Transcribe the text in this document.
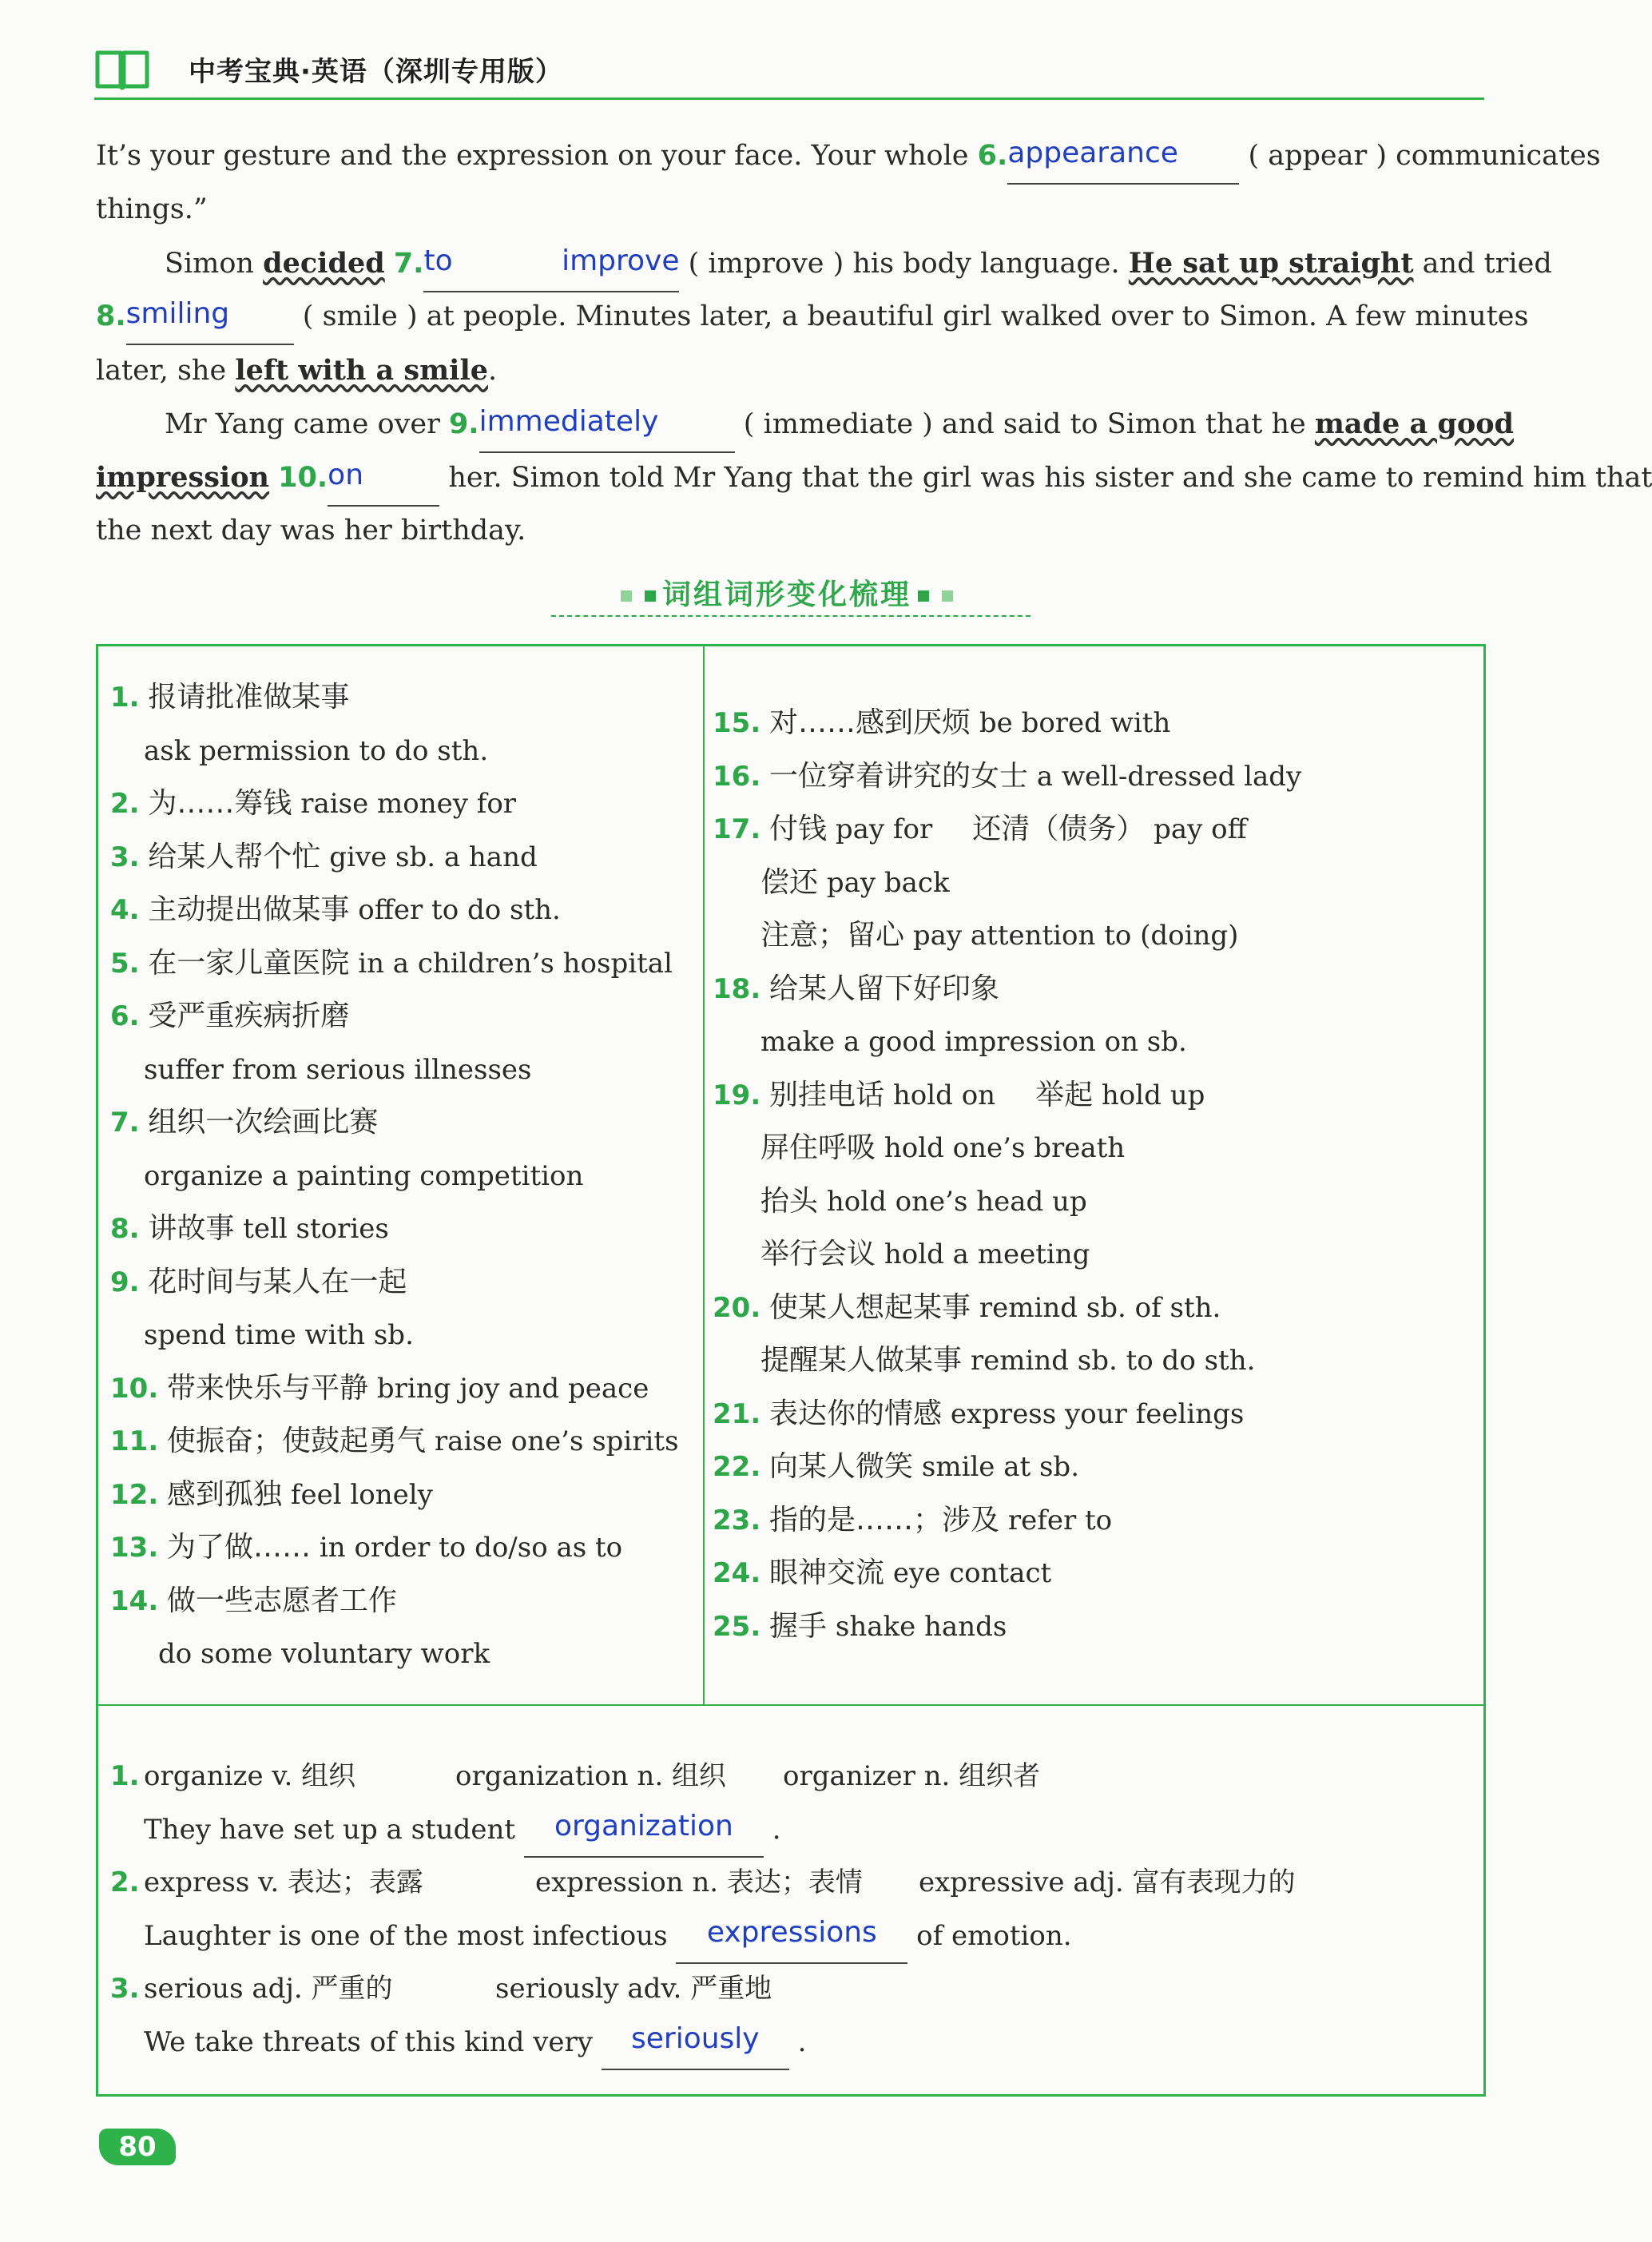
中考宝典·英语（深圳专用版）
It’s your gesture and the expression on your face. Your whole 6. appearance	( appear ) communicates
things.”
Simon decided 7. to improve ( improve ) his body language. He sat up straight and tried
8. smiling	( smile ) at people. Minutes later, a beautiful girl walked over to Simon. A few minutes
later, she left with a smile.
Mr Yang came over 9. immediately	( immediate ) and said to Simon that he made a good
impression 10. on	her. Simon told Mr Yang that the girl was his sister and she came to remind him that
the next day was her birthday.
词组词形变化梳理
1. 报请批准做某事
ask permission to do sth.
2. 为……筹钱 raise money for
3. 给某人帮个忙 give sb. a hand
4. 主动提出做某事 offer to do sth.
5. 在一家儿童医院 in a children’s hospital
6. 受严重疾病折磨
suffer from serious illnesses
7. 组织一次绘画比赛
organize a painting competition
8. 讲故事 tell stories
9. 花时间与某人在一起
spend time with sb.
10. 带来快乐与平静 bring joy and peace
11. 使振奋；使鼓起勇气 raise one’s spirits
12. 感到孤独 feel lonely
13. 为了做…… in order to do/so as to
14. 做一些志愿者工作
do some voluntary work
15. 对……感到厌烦 be bored with
16. 一位穿着讲究的女士 a well-dressed lady
17. 付钱 pay for 还清（债务） pay off
偿还 pay back
注意；留心 pay attention to (doing)
18. 给某人留下好印象
make a good impression on sb.
19. 别挂电话 hold on 举起 hold up
屏住呼吸 hold one’s breath
抬头 hold one’s head up
举行会议 hold a meeting
20. 使某人想起某事 remind sb. of sth.
提醒某人做某事 remind sb. to do sth.
21. 表达你的情感 express your feelings
22. 向某人微笑 smile at sb.
23. 指的是……；涉及 refer to
24. 眼神交流 eye contact
25. 握手 shake hands
1. organize v. 组织	organization n. 组织 organizer n. 组织者
They have set up a student	organization	.
2. express v. 表达；表露	expression n. 表达；表情 expressive adj. 富有表现力的
Laughter is one of the most infectious	expressions	of emotion.
3. serious adj. 严重的	seriously adv. 严重地
We take threats of this kind very	seriously	.
80
